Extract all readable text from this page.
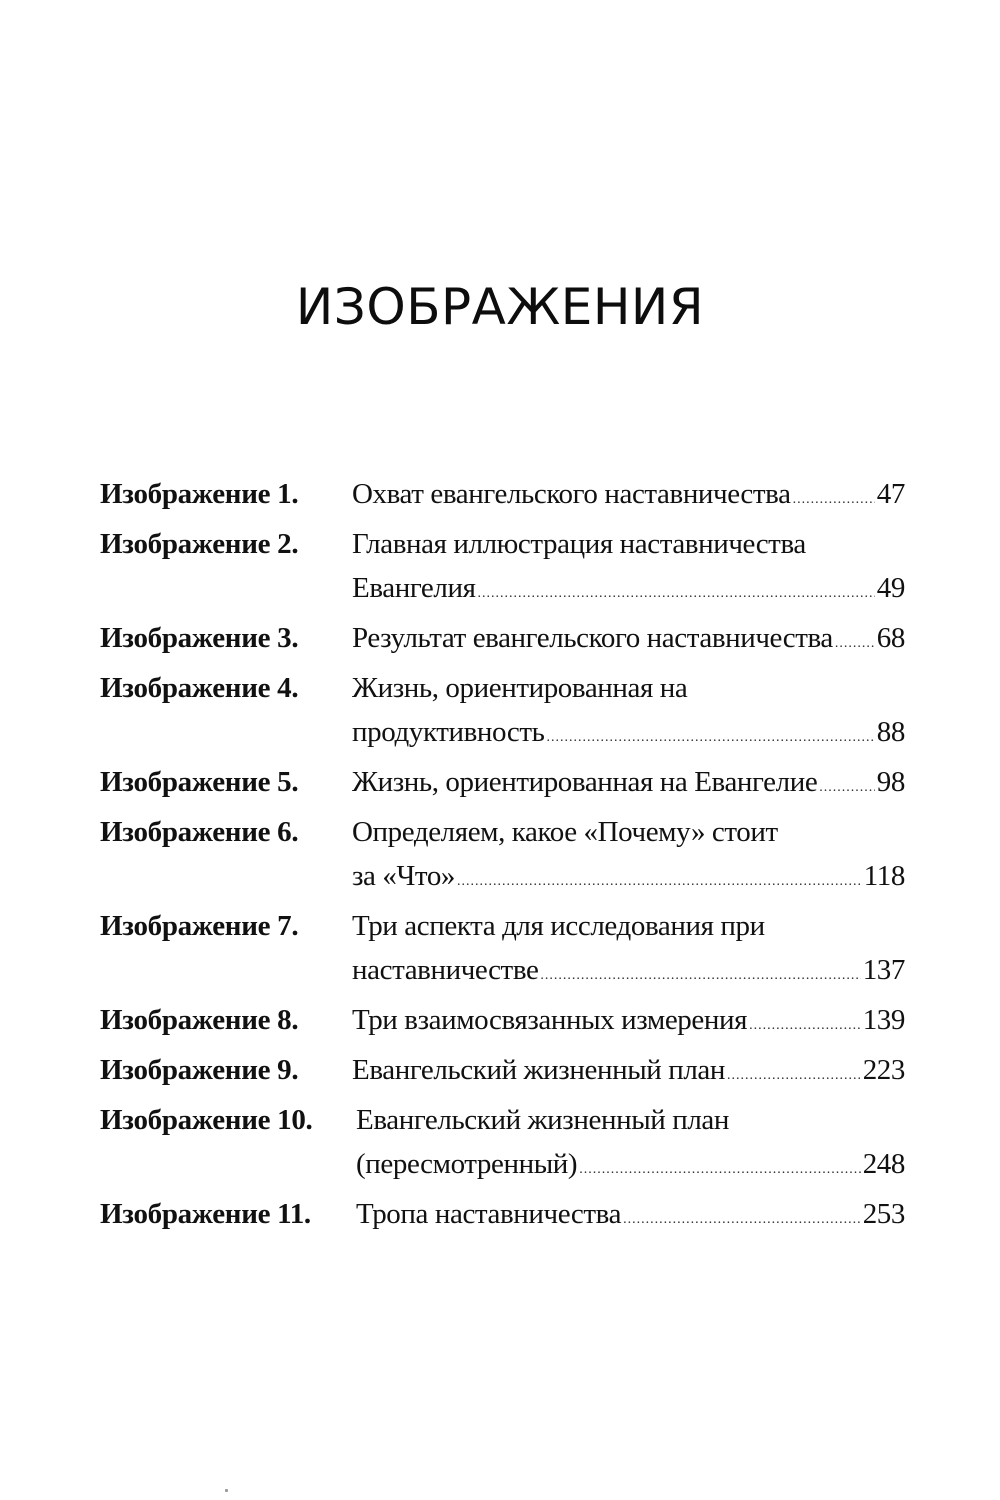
ИЗОБРАЖЕНИЯ
Изображение 1. Охват евангельского наставничества .....	47
Изображение 2. Главная иллюстрация наставничества
Евангелия .....	49
Изображение 3. Результат евангельского наставничества ..... 68
Изображение 4. Жизнь, ориентированная на
продуктивность .....	88
Изображение 5. Жизнь, ориентированная на Евангелие ..... 98
Изображение 6. Определяем, какое «Почему» стоит
за «Что» .....	118
Изображение 7. Три аспекта для исследования при
наставничестве .....	137
Изображение 8. Три взаимосвязанных измерения .....	139
Изображение 9. Евангельский жизненный план .....	223
Изображение 10. Евангельский жизненный план
(пересмотренный) .....	248
Изображение 11. Тропа наставничества .....	253
